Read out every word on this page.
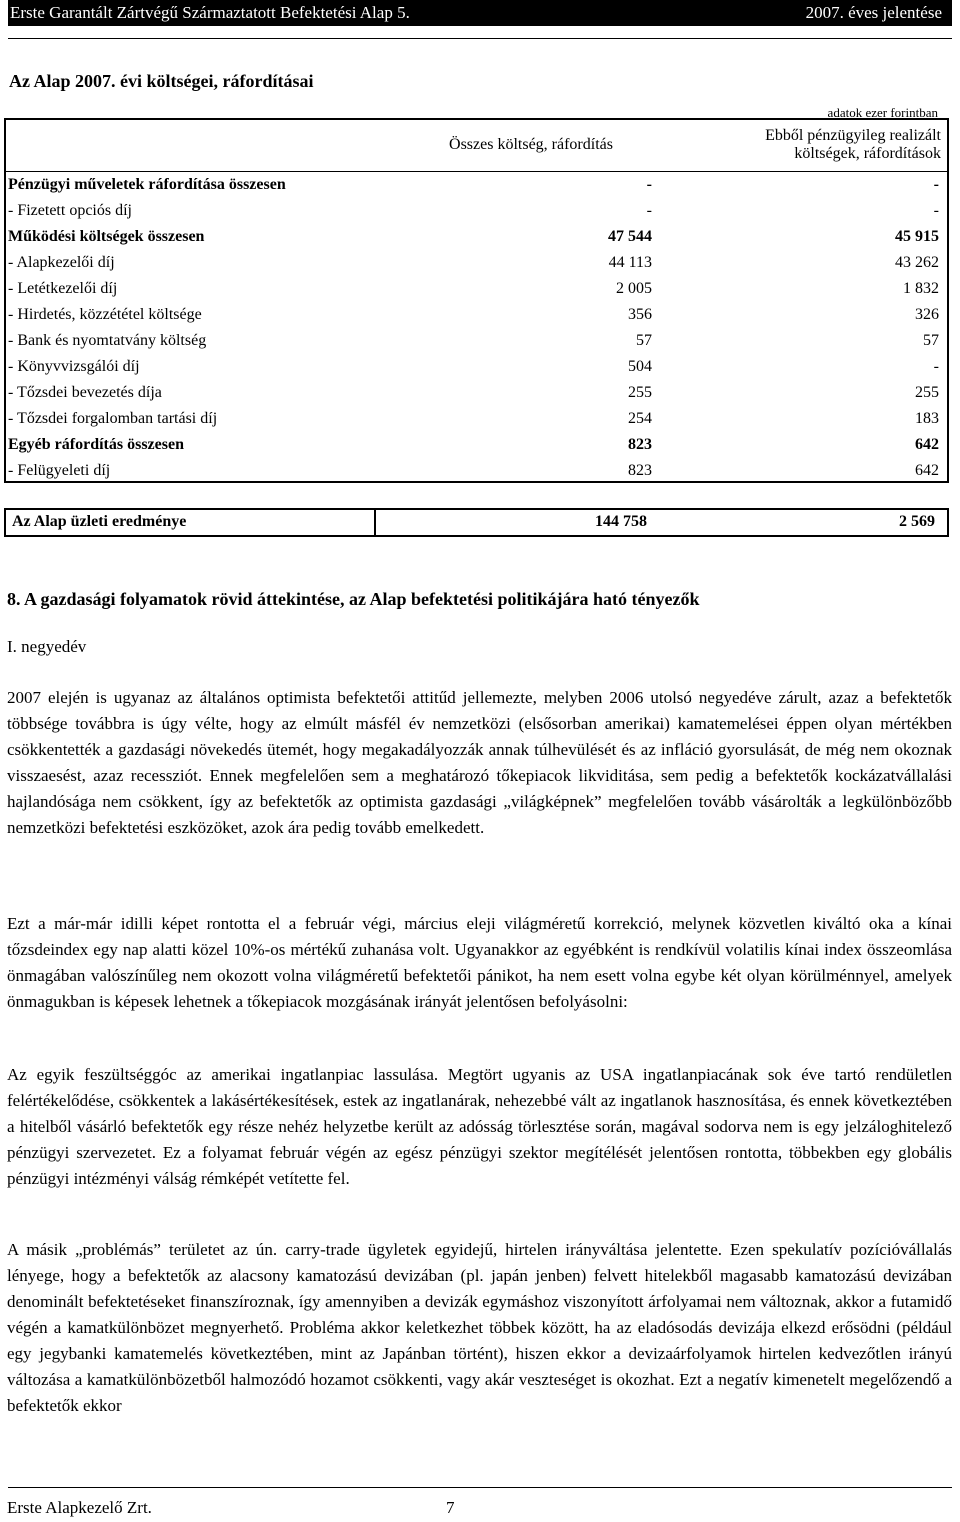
Erste Garantált Zártvégű Származtatott Befektetési Alap 5.	2007. éves jelentése
Az Alap 2007. évi költségei, ráfordításai
adatok ezer forintban
	Összes költség, ráfordítás	Ebből pénzügyileg realizált
költségek, ráfordítások

Pénzügyi műveletek ráfordítása összesen	-	-
- Fizetett opciós díj	-	-
Működési költségek összesen	47 544	45 915
- Alapkezelői díj	44 113	43 262
- Letétkezelői díj	2 005	1 832
- Hirdetés, közzététel költsége	356	326
- Bank és nyomtatvány költség	57	57
- Könyvvizsgálói díj	504	-
- Tőzsdei bevezetés díja	255	255
- Tőzsdei forgalomban tartási díj	254	183
Egyéb ráfordítás összesen	823	642
- Felügyeleti díj	823	642
Az Alap üzleti eredménye	144 758	2 569
8. A gazdasági folyamatok rövid áttekintése, az Alap befektetési politikájára ható tényezők
I. negyedév

2007 elején is ugyanaz az általános optimista befektetői attitűd jellemezte, melyben 2006 utolsó negyedéve zárult, azaz a befektetők többsége továbbra is úgy vélte, hogy az elmúlt másfél év nemzetközi (elsősorban amerikai) kamatemelései éppen olyan mértékben csökkentették a gazdasági növekedés ütemét, hogy megakadályozzák annak túlhevülését és az infláció gyorsulását, de még nem okoznak visszaesést, azaz recessziót. Ennek megfelelően sem a meghatározó tőkepiacok likviditása, sem pedig a befektetők kockázatvállalási hajlandósága nem csökkent, így az befektetők az optimista gazdasági „világképnek” megfelelően tovább vásárolták a legkülönbözőbb nemzetközi befektetési eszközöket, azok ára pedig tovább emelkedett.

Ezt a már-már idilli képet rontotta el a február végi, március eleji világméretű korrekció, melynek közvetlen kiváltó oka a kínai tőzsdeindex egy nap alatti közel 10%-os mértékű zuhanása volt. Ugyanakkor az egyébként is rendkívül volatilis kínai index összeomlása önmagában valószínűleg nem okozott volna világméretű befektetői pánikot, ha nem esett volna egybe két olyan körülménnyel, amelyek önmagukban is képesek lehetnek a tőkepiacok mozgásának irányát jelentősen befolyásolni:

Az egyik feszültséggóc az amerikai ingatlanpiac lassulása. Megtört ugyanis az USA ingatlanpiacának sok éve tartó rendületlen felértékelődése, csökkentek a lakásértékesítések, estek az ingatlanárak, nehezebbé vált az ingatlanok hasznosítása, és ennek következtében a hitelből vásárló befektetők egy része nehéz helyzetbe került az adósság törlesztése során, magával sodorva nem is egy jelzáloghitelező pénzügyi szervezetet. Ez a folyamat február végén az egész pénzügyi szektor megítélését jelentősen rontotta, többekben egy globális pénzügyi intézményi válság rémképét vetítette fel.

A másik „problémás” területet az ún. carry-trade ügyletek egyidejű, hirtelen irányváltása jelentette. Ezen spekulatív pozícióvállalás lényege, hogy a befektetők az alacsony kamatozású devizában (pl. japán jenben) felvett hitelekből magasabb kamatozású devizában denominált befektetéseket finanszíroznak, így amennyiben a devizák egymáshoz viszonyított árfolyamai nem változnak, akkor a futamidő végén a kamatkülönbözet megnyerhető. Probléma akkor keletkezhet többek között, ha az eladósodás devizája elkezd erősödni (például egy jegybanki kamatemelés következtében, mint az Japánban történt), hiszen ekkor a devizaárfolyamok hirtelen kedvezőtlen irányú változása a kamatkülönbözetből halmozódó hozamot csökkenti, vagy akár veszteséget is okozhat. Ezt a negatív kimenetelt megelőzendő a befektetők ekkor

Erste Alapkezelő Zrt.	7
